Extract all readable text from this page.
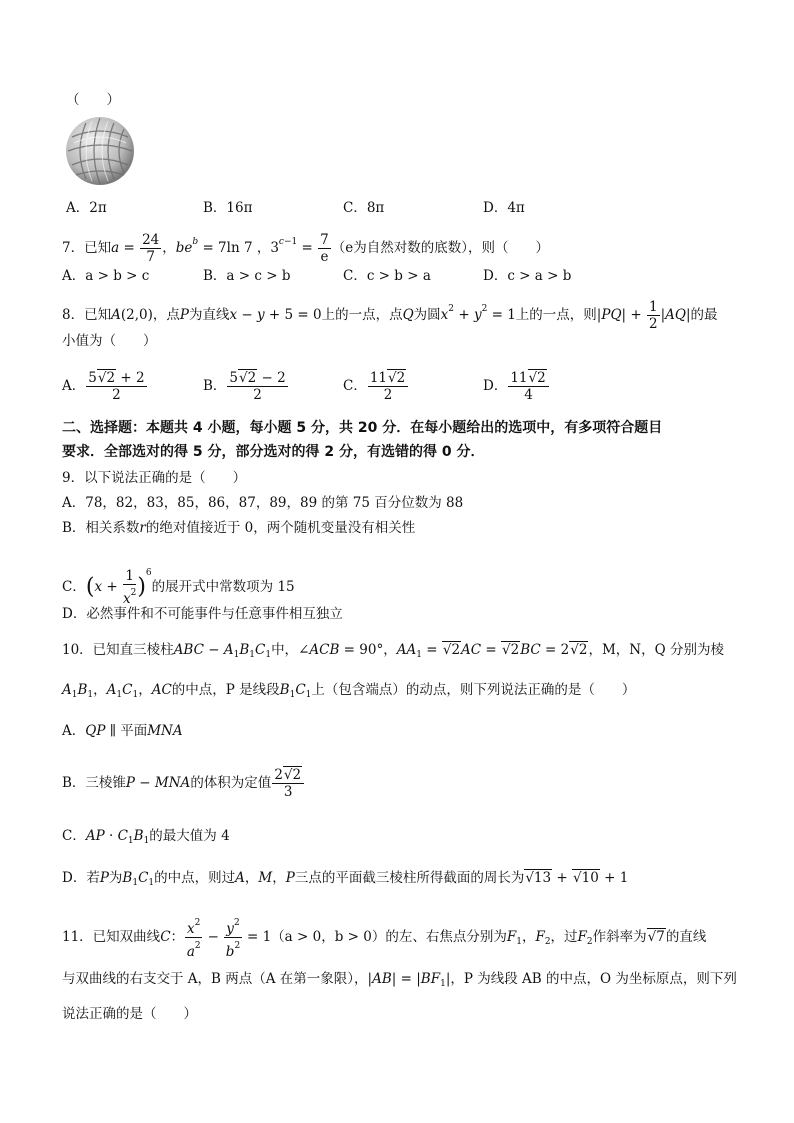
（　　）
A．2π	B．16π	C．8π	D．4π
7．已知$a = \frac{24}{7}$ ，$be^b = 7\ln$ 7 ，$3^{c-1} = \frac{7}{e} (e$为自然对数的底数），则（　　）
A．a > b > c	B．a > c > b	C．c > b > a	D．c > a > b
8．已知A(2,0)，点P为直线x − y + 5 = 0上的一点，点Q为圆$x^2 + y^2 = 1$上的一点，则$|PQ| + \frac{1}{2} |AQ|$的最
小值为（　　）
A． $\frac{5√2 + 2}{2}$	B． $\frac{5√2 - 2}{2}$	C． $\frac{11√2}{2}$	D． $\frac{11√2}{4}$
二、选择题：本题共 4 小题，每小题 5 分，共 20 分．在每小题给出的选项中，有多项符合题目
要求．全部选对的得 5 分，部分选对的得 2 分，有选错的得 0 分．
9．以下说法正确的是（　　）
A．78，82，83，85，86，87，89，89 的第 75 百分位数为 88
B．相关系数r的绝对值接近于 0，两个随机变量没有相关性
C．$(x + \frac{1}{x^2} )^6$的展开式中常数项为 15
D．必然事件和不可能事件与任意事件相互独立
10．已知直三棱柱ABC − $A_1B_1C_1$中，∠ACB = 90°，$AA_1 = √2AC = √2BC = 2√2$，M，N，Q 分别为棱
$A_1B_1$，$A_1C_1$，AC的中点，P 是线段$B_1C_1$上（包含端点）的动点，则下列说法正确的是（　　）
A．QP ∥ 平面MNA
B．三棱锥P − MNA的体积为定值 $\frac{2√2}{3}$
C．AP · $C_1B_1$的最大值为 4
D．若P为$B_1C_1$的中点，则过A，M，P三点的平面截三棱柱所得截面的周长为√13 + √10 + 1
11．已知双曲线C： $\frac{x^2}{a^2} - \frac{y^2}{b^2} = 1(a > 0$，b > 0）的左、右焦点分别为$F_1$，$F_2$，过$F_2$作斜率为√7的直线
与双曲线的右支交于 A，B 两点（A 在第一象限），$|AB| = |BF_1|$，P 为线段 AB 的中点，O 为坐标原点，则下列
说法正确的是（　　）
